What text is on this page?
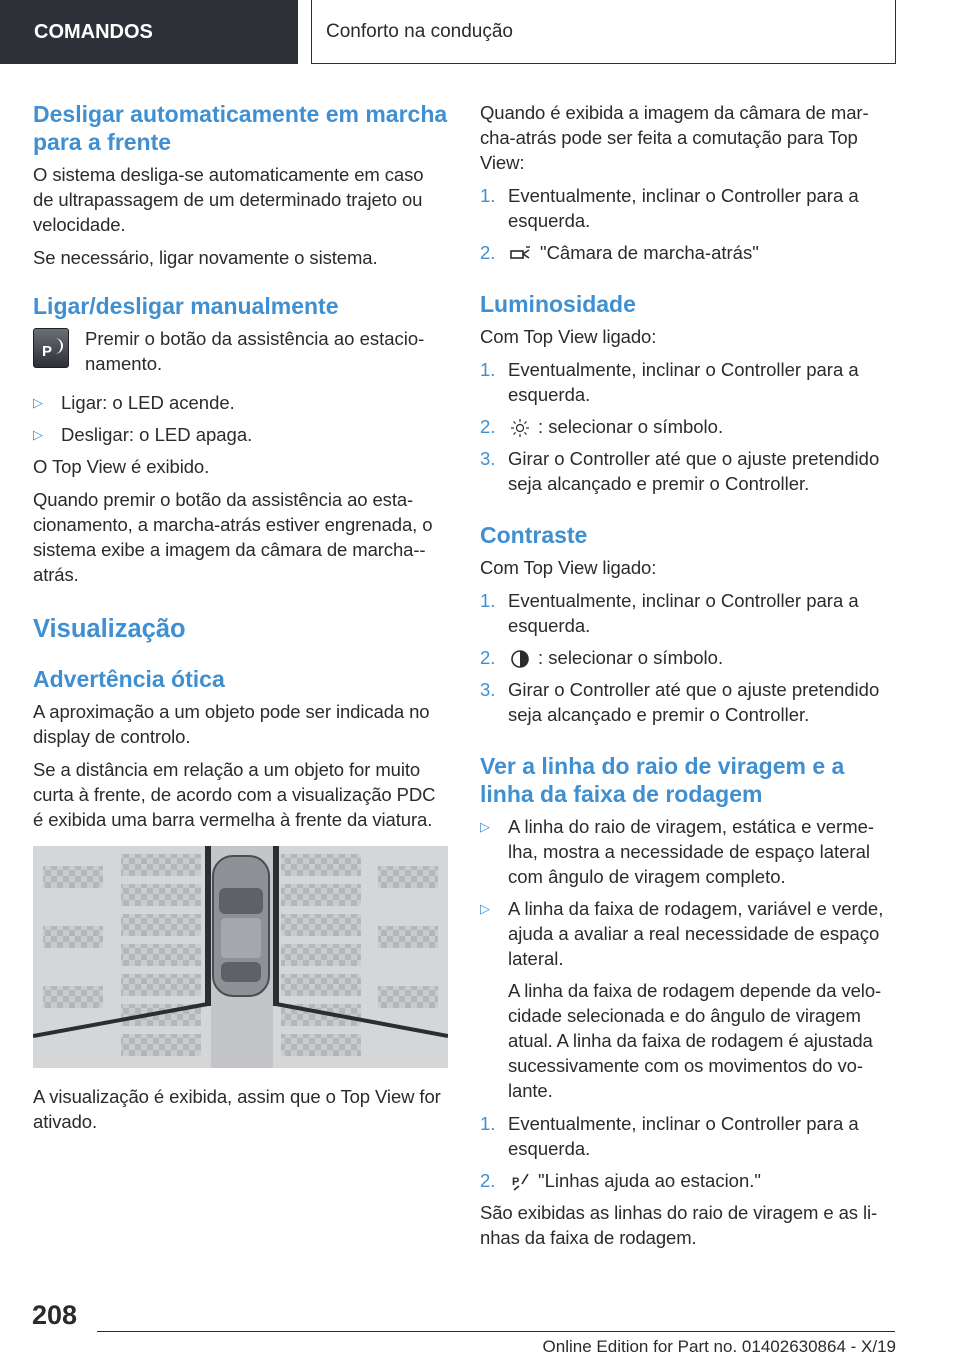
COMANDOS	Conforto na condução
Desligar automaticamente em marcha para a frente

O sistema desliga-se automaticamente em caso de ultrapassagem de um determinado trajeto ou velocidade.

Se necessário, ligar novamente o sistema.

Ligar/desligar manualmente
P
Premir o botão da assistência ao estacio‐namento.
▷ Ligar: o LED acende.
▷ Desligar: o LED apaga.

O Top View é exibido.

Quando premir o botão da assistência ao esta‐cionamento, a marcha-atrás estiver engrenada, o sistema exibe a imagem da câmara de marcha-‐atrás.

Visualização
Advertência ótica

A aproximação a um objeto pode ser indicada no display de controlo.

Se a distância em relação a um objeto for muito curta à frente, de acordo com a visualização PDC é exibida uma barra vermelha à frente da viatura.

A visualização é exibida, assim que o Top View for ativado.

Quando é exibida a imagem da câmara de mar‐cha-atrás pode ser feita a comutação para Top View:

1. Eventualmente, inclinar o Controller para a esquerda.
2. "Câmara de marcha-atrás"
Luminosidade

Com Top View ligado:

1. Eventualmente, inclinar o Controller para a esquerda.
2. : selecionar o símbolo.
3. Girar o Controller até que o ajuste pretendido seja alcançado e premir o Controller.
Contraste

Com Top View ligado:

1. Eventualmente, inclinar o Controller para a esquerda.
2. : selecionar o símbolo.
3. Girar o Controller até que o ajuste pretendido seja alcançado e premir o Controller.
Ver a linha do raio de viragem e a linha da faixa de rodagem
▷ A linha do raio de viragem, estática e verme‐lha, mostra a necessidade de espaço lateral com ângulo de viragem completo.
▷ A linha da faixa de rodagem, variável e verde, ajuda a avaliar a real necessidade de espaço lateral.

A linha da faixa de rodagem depende da velo‐cidade selecionada e do ângulo de viragem atual. A linha da faixa de rodagem é ajustada sucessivamente com os movimentos do vo‐lante.

1. Eventualmente, inclinar o Controller para a esquerda.
2. P "Linhas ajuda ao estacion."

São exibidas as linhas do raio de viragem e as li‐nhas da faixa de rodagem.

208
Online Edition for Part no. 01402630864 - X/19
